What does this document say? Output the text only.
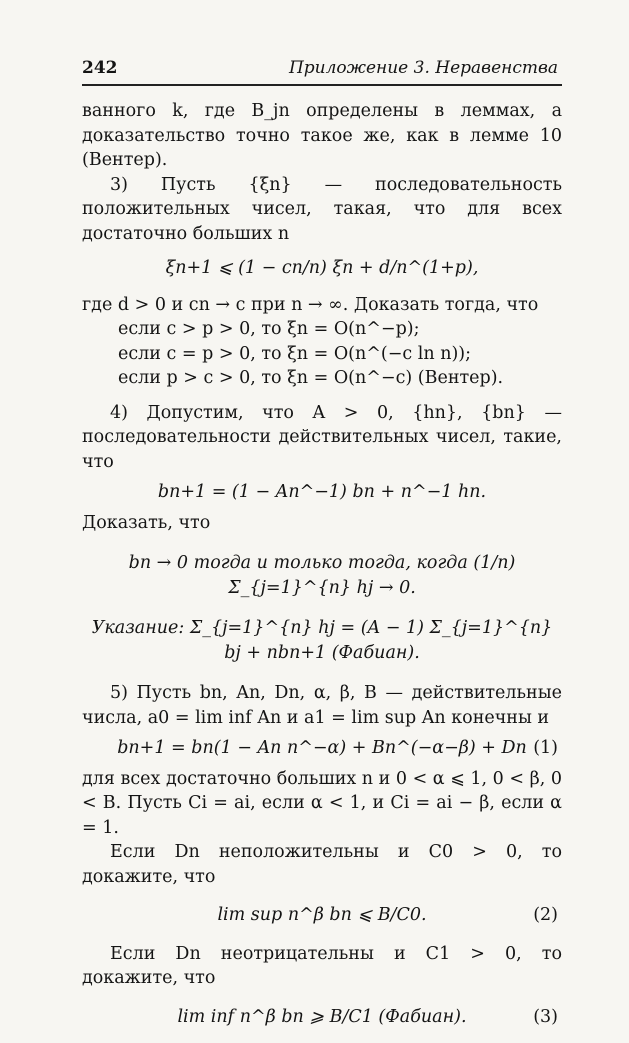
242	Приложение 3. Неравенства

ванного k, где B_jn определены в леммах, а доказательство точно такое же, как в лемме 10 (Вентер).

3) Пусть {ξn} — последовательность положительных чисел, такая, что для всех достаточно больших n

ξn+1 ⩽ (1 − cn/n) ξn + d/n^(1+p),

где d > 0 и cn → c при n → ∞. Доказать тогда, что

если c > p > 0, то ξn = O(n^−p);

если c = p > 0, то ξn = O(n^(−c ln n));

если p > c > 0, то ξn = O(n^−c) (Вентер).

4) Допустим, что A > 0, {hn}, {bn} — последовательности действительных чисел, такие, что

bn+1 = (1 − An^−1) bn + n^−1 hn.

Доказать, что

bn → 0 тогда и только тогда, когда (1/n) Σ_{j=1}^{n} hj → 0.
Указание: Σ_{j=1}^{n} hj = (A − 1) Σ_{j=1}^{n} bj + nbn+1 (Фабиан).

5) Пусть bn, An, Dn, α, β, B — действительные числа, a0 = lim inf An и a1 = lim sup An конечны и

bn+1 = bn(1 − An n^−α) + Bn^(−α−β) + Dn (1)

для всех достаточно больших n и 0 < α ⩽ 1, 0 < β, 0 < B. Пусть Ci = ai, если α < 1, и Ci = ai − β, если α = 1.

Если Dn неположительны и C0 > 0, то докажите, что

lim sup n^β bn ⩽ B/C0.	(2)

Если Dn неотрицательны и C1 > 0, то докажите, что

lim inf n^β bn ⩾ B/C1 (Фабиан).	(3)
